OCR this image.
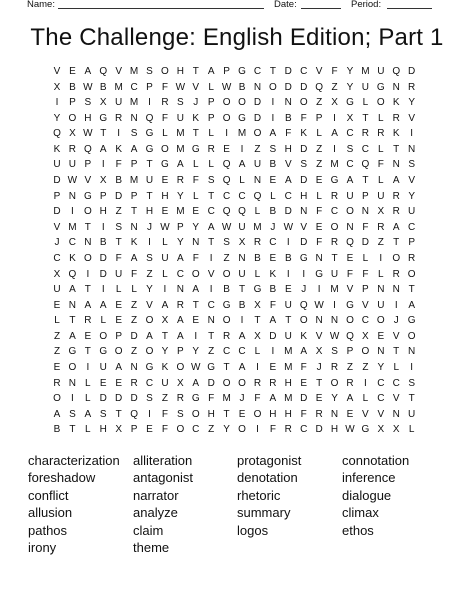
Name:	Date:	Period:
The Challenge: English Edition; Part 1
V E A Q V M S O H T A P G C T D C V F Y M U Q D
X B W B M C P F W V L W B N O D D Q Z Y U G N R
I	P S X U M I	R S J P O O D	I	N O Z X G L O K Y
Y O H G R N Q F U K P O G D	I	B F P	I	X T L R V
Q X W T	I	S G L M T L	I M O A F K L A C R R K	I
K R Q A K A G O M G R E	I	Z S H D Z	I	S C L T N
U U P	I	F P T G A L L Q A U B V S Z M C Q F N S
D W V X B M U E R F S Q L N E A D E G A T L A V
P N G P D P T H Y L T C C Q L C H L R U P U R Y
D	I	O H Z T H E M E C Q Q L B D N F C O N X R U
V M T	I	S N J W P Y A W U M J W V E O N F R A C
J C N B T K	I	L Y N T S X R C	I	D F R Q D Z T P
C K O D F A S U A F	I	Z N B E B G N T E L	I	O R
X Q	I	D U F Z L C O V O U L K	I	I	G U F F L R O
U A T	I	L L Y	I	N A	I	B T G B E J	I M V P N N T
E N A A E Z V A R T C G B X F U Q W I	G V U	I	A
L T R L E Z O X A E N O	I	T A T O N N O C O J G
Z A E O P D A T A	I	T R A X D U K V W Q X E V O
Z G T G O Z O Y P Y Z C C L	I M A X S P O N T N
E O	I	U A N G K O W G T A	I	E M F J R Z Z Y L	I
R N L E E R C U X A D O O R R H E T O R	I	C C S
O	I	L D D D S Z R G F M J F A M D E Y A L C V T
A S A S T Q	I	F S O H T E O H H F R N E V V N U
B T L H X P E F O C Z Y O	I	F R C D H W G X X L
characterization
foreshadow
conflict
allusion
pathos
irony
alliteration
antagonist
narrator
analyze
claim
theme
protagonist
denotation
rhetoric
summary
logos
connotation
inference
dialogue
climax
ethos
